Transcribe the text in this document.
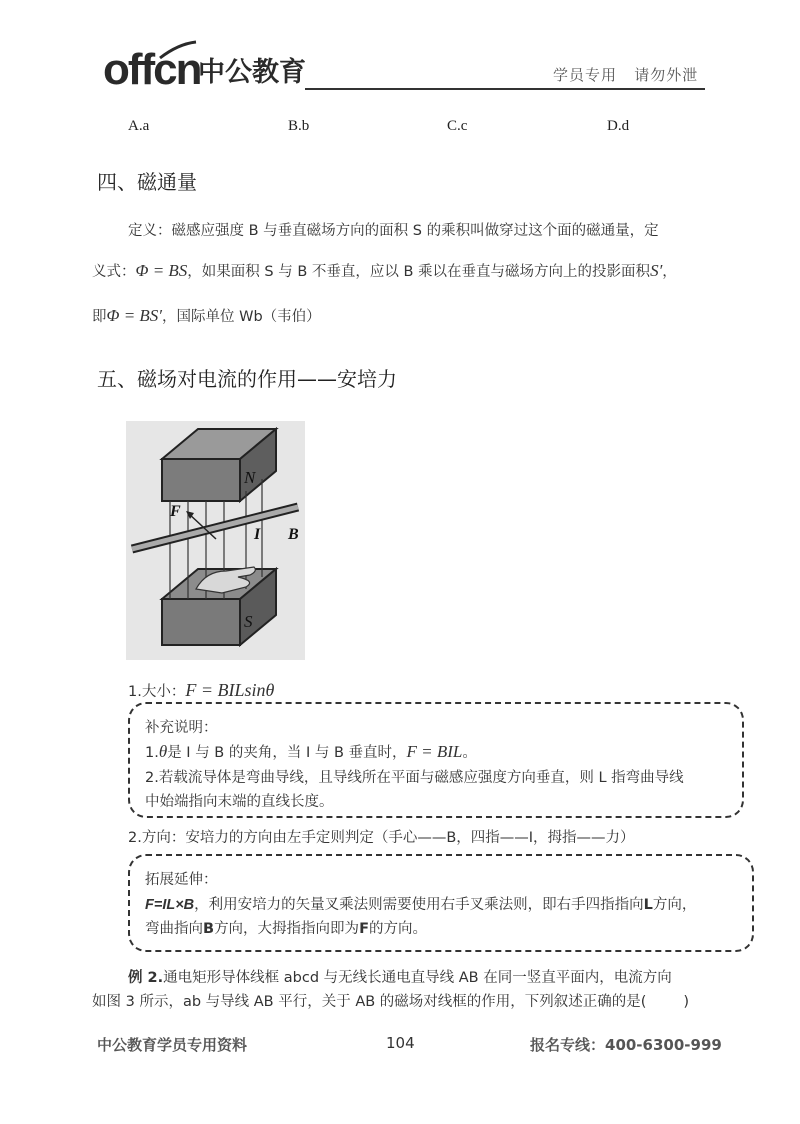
offcn
中公教育	学员专用   请勿外泄
A.a	B.b	C.c	D.d
四、磁通量
定义：磁感应强度 B 与垂直磁场方向的面积 S 的乘积叫做穿过这个面的磁通量，定
义式：Φ = BS，如果面积 S 与 B 不垂直，应以 B 乘以在垂直与磁场方向上的投影面积S′，
即Φ = BS′，国际单位 Wb（韦伯）
五、磁场对电流的作用——安培力
N
F
I B
S
1.大小：F = BILsinθ
补充说明：
1.θ是 I 与 B 的夹角，当 I 与 B 垂直时，F = BIL。
2.若载流导体是弯曲导线，且导线所在平面与磁感应强度方向垂直，则 L 指弯曲导线
中始端指向末端的直线长度。
2.方向：安培力的方向由左手定则判定（手心——B，四指——I，拇指——力）
拓展延伸：
F=IL×B，利用安培力的矢量叉乘法则需要使用右手叉乘法则，即右手四指指向L方向，
弯曲指向B方向，大拇指指向即为F的方向。
例 2.通电矩形导体线框 abcd 与无线长通电直导线 AB 在同一竖直平面内，电流方向
如图 3 所示，ab 与导线 AB 平行，关于 AB 的磁场对线框的作用，下列叙述正确的是(        )
中公教育学员专用资料	104	报名专线：400-6300-999
